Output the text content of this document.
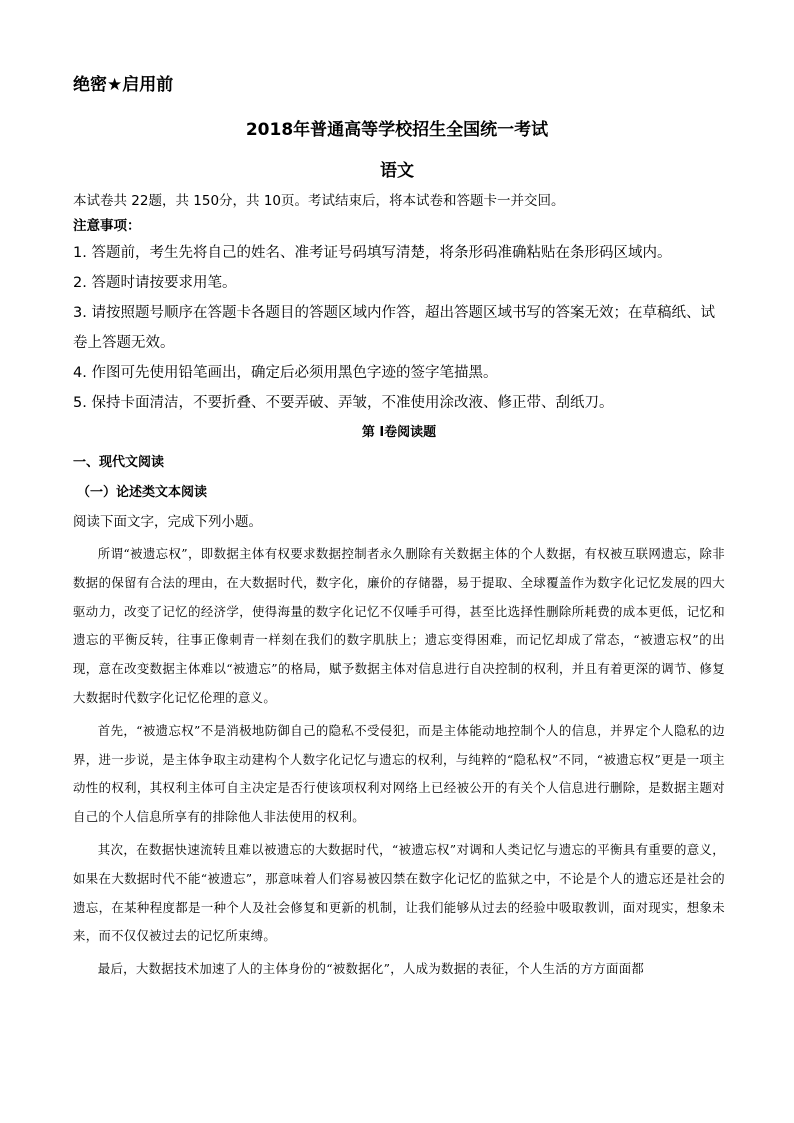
绝密★启用前

2018年普通高等学校招生全国统一考试

语文

本试卷共 22题，共 150分，共 10页。考试结束后，将本试卷和答题卡一并交回。

注意事项：

1. 答题前，考生先将自己的姓名、准考证号码填写清楚，将条形码准确粘贴在条形码区域内。

2. 答题时请按要求用笔。

3. 请按照题号顺序在答题卡各题目的答题区域内作答，超出答题区域书写的答案无效；在草稿纸、试卷上答题无效。

4. 作图可先使用铅笔画出，确定后必须用黑色字迹的签字笔描黑。

5. 保持卡面清洁，不要折叠、不要弄破、弄皱，不准使用涂改液、修正带、刮纸刀。

第 I卷阅读题

一、现代文阅读

（一）论述类文本阅读

阅读下面文字，完成下列小题。

所谓“被遗忘权”，即数据主体有权要求数据控制者永久删除有关数据主体的个人数据，有权被互联网遗忘，除非数据的保留有合法的理由，在大数据时代，数字化，廉价的存储器，易于提取、全球覆盖作为数字化记忆发展的四大驱动力，改变了记忆的经济学，使得海量的数字化记忆不仅唾手可得，甚至比选择性删除所耗费的成本更低，记忆和遗忘的平衡反转，往事正像刺青一样刻在我们的数字肌肤上；遗忘变得困难，而记忆却成了常态，“被遗忘权”的出现，意在改变数据主体难以“被遗忘”的格局，赋予数据主体对信息进行自决控制的权利，并且有着更深的调节、修复大数据时代数字化记忆伦理的意义。

首先，“被遗忘权”不是消极地防御自己的隐私不受侵犯，而是主体能动地控制个人的信息，并界定个人隐私的边界，进一步说，是主体争取主动建构个人数字化记忆与遗忘的权利，与纯粹的“隐私权”不同，“被遗忘权”更是一项主动性的权利，其权利主体可自主决定是否行使该项权利对网络上已经被公开的有关个人信息进行删除，是数据主题对自己的个人信息所享有的排除他人非法使用的权利。

其次，在数据快速流转且难以被遗忘的大数据时代，“被遗忘权”对调和人类记忆与遗忘的平衡具有重要的意义，如果在大数据时代不能“被遗忘”，那意味着人们容易被囚禁在数字化记忆的监狱之中，不论是个人的遗忘还是社会的遗忘，在某种程度都是一种个人及社会修复和更新的机制，让我们能够从过去的经验中吸取教训，面对现实，想象未来，而不仅仅被过去的记忆所束缚。

最后，大数据技术加速了人的主体身份的“被数据化”，人成为数据的表征，个人生活的方方面面都
